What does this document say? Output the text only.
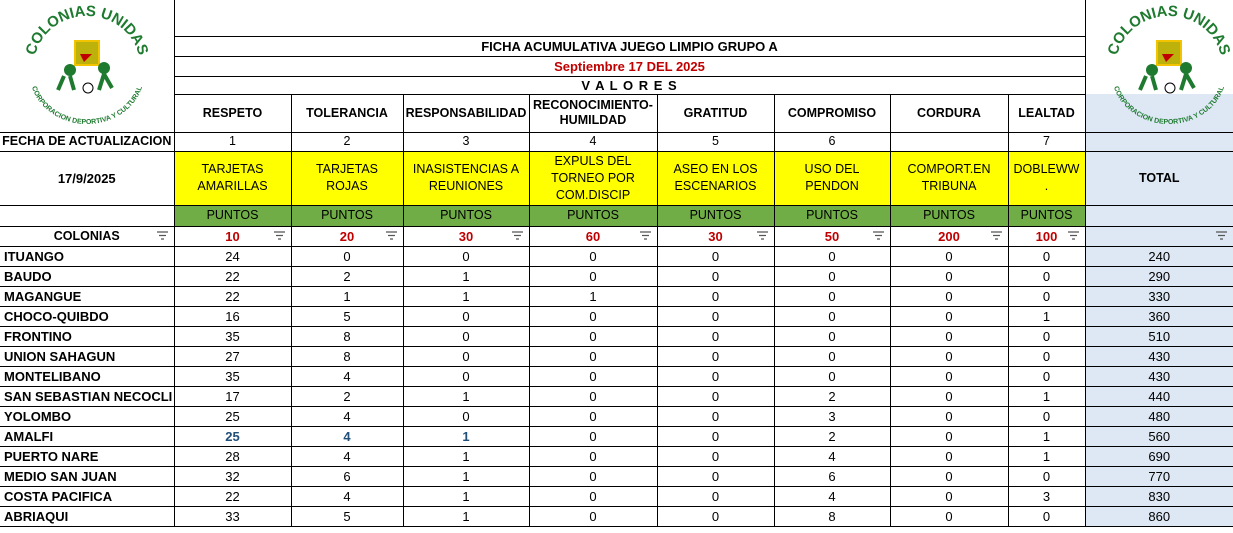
	FICHA ACUMULATIVA JUEGO LIMPIO GRUPO A								
	Septiembre 17 DEL 2025								
	V A L O R E S								
	RESPETO	TOLERANCIA	RESPONSABILIDAD	RECONOCIMIENTO-HUMILDAD	GRATITUD	COMPROMISO	CORDURA	LEALTAD	
FECHA DE ACTUALIZACION	1	2	3	4	5	6		7	
17/9/2025	TARJETAS AMARILLAS	TARJETAS ROJAS	INASISTENCIAS A REUNIONES	EXPULS DEL TORNEO POR COM.DISCIP	ASEO EN LOS ESCENARIOS	USO DEL PENDON	COMPORT.EN TRIBUNA	DOBLEWW .	TOTAL
	PUNTOS	PUNTOS	PUNTOS	PUNTOS	PUNTOS	PUNTOS	PUNTOS	PUNTOS	
COLONIAS	10	20	30	60	30	50	200	100

ITUANGO	24	0	0	0	0	0	0	0	240
BAUDO	22	2	1	0	0	0	0	0	290
MAGANGUE	22	1	1	1	0	0	0	0	330
CHOCO-QUIBDO	16	5	0	0	0	0	0	1	360
FRONTINO	35	8	0	0	0	0	0	0	510
UNION SAHAGUN	27	8	0	0	0	0	0	0	430
MONTELIBANO	35	4	0	0	0	0	0	0	430
SAN SEBASTIAN NECOCLI	17	2	1	0	0	2	0	1	440
YOLOMBO	25	4	0	0	0	3	0	0	480
AMALFI	25	4	1	0	0	2	0	1	560
PUERTO NARE	28	4	1	0	0	4	0	1	690
MEDIO SAN JUAN	32	6	1	0	0	6	0	0	770
COSTA PACIFICA	22	4	1	0	0	4	0	3	830
ABRIAQUI	33	5	1	0	0	8	0	0	860
COLONIAS UNIDAS
CORPORACION DEPORTIVA Y CULTURAL
COLONIAS UNIDAS
CORPORACION DEPORTIVA Y CULTURAL
